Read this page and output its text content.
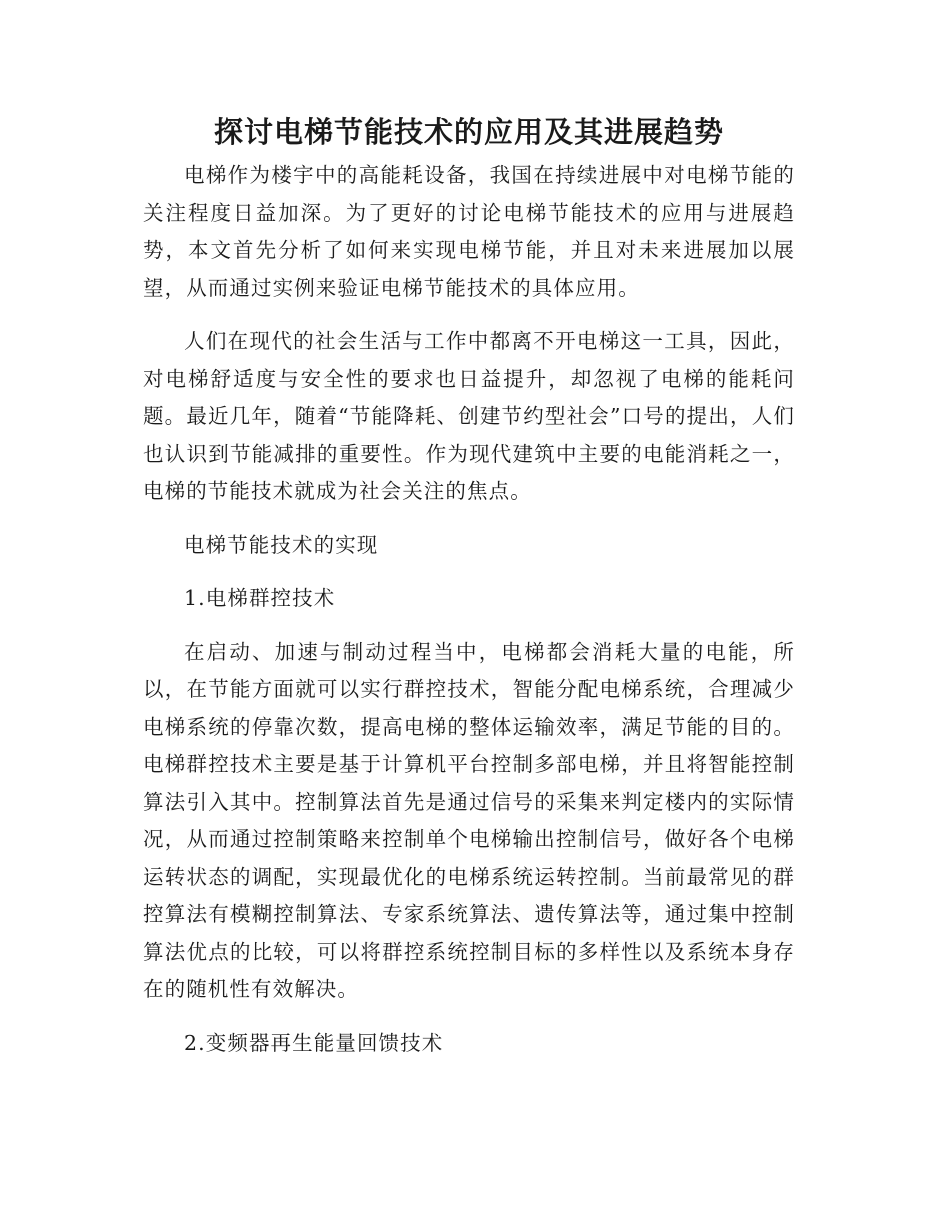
探讨电梯节能技术的应用及其进展趋势

电梯作为楼宇中的高能耗设备，我国在持续进展中对电梯节能的关注程度日益加深。为了更好的讨论电梯节能技术的应用与进展趋势，本文首先分析了如何来实现电梯节能，并且对未来进展加以展望，从而通过实例来验证电梯节能技术的具体应用。

人们在现代的社会生活与工作中都离不开电梯这一工具，因此，对电梯舒适度与安全性的要求也日益提升，却忽视了电梯的能耗问题。最近几年，随着“节能降耗、创建节约型社会”口号的提出，人们也认识到节能减排的重要性。作为现代建筑中主要的电能消耗之一，电梯的节能技术就成为社会关注的焦点。

电梯节能技术的实现

1.电梯群控技术

在启动、加速与制动过程当中，电梯都会消耗大量的电能，所以，在节能方面就可以实行群控技术，智能分配电梯系统，合理减少电梯系统的停靠次数，提高电梯的整体运输效率，满足节能的目的。电梯群控技术主要是基于计算机平台控制多部电梯，并且将智能控制算法引入其中。控制算法首先是通过信号的采集来判定楼内的实际情况，从而通过控制策略来控制单个电梯输出控制信号，做好各个电梯运转状态的调配，实现最优化的电梯系统运转控制。当前最常见的群控算法有模糊控制算法、专家系统算法、遗传算法等，通过集中控制算法优点的比较，可以将群控系统控制目标的多样性以及系统本身存在的随机性有效解决。

2.变频器再生能量回馈技术
